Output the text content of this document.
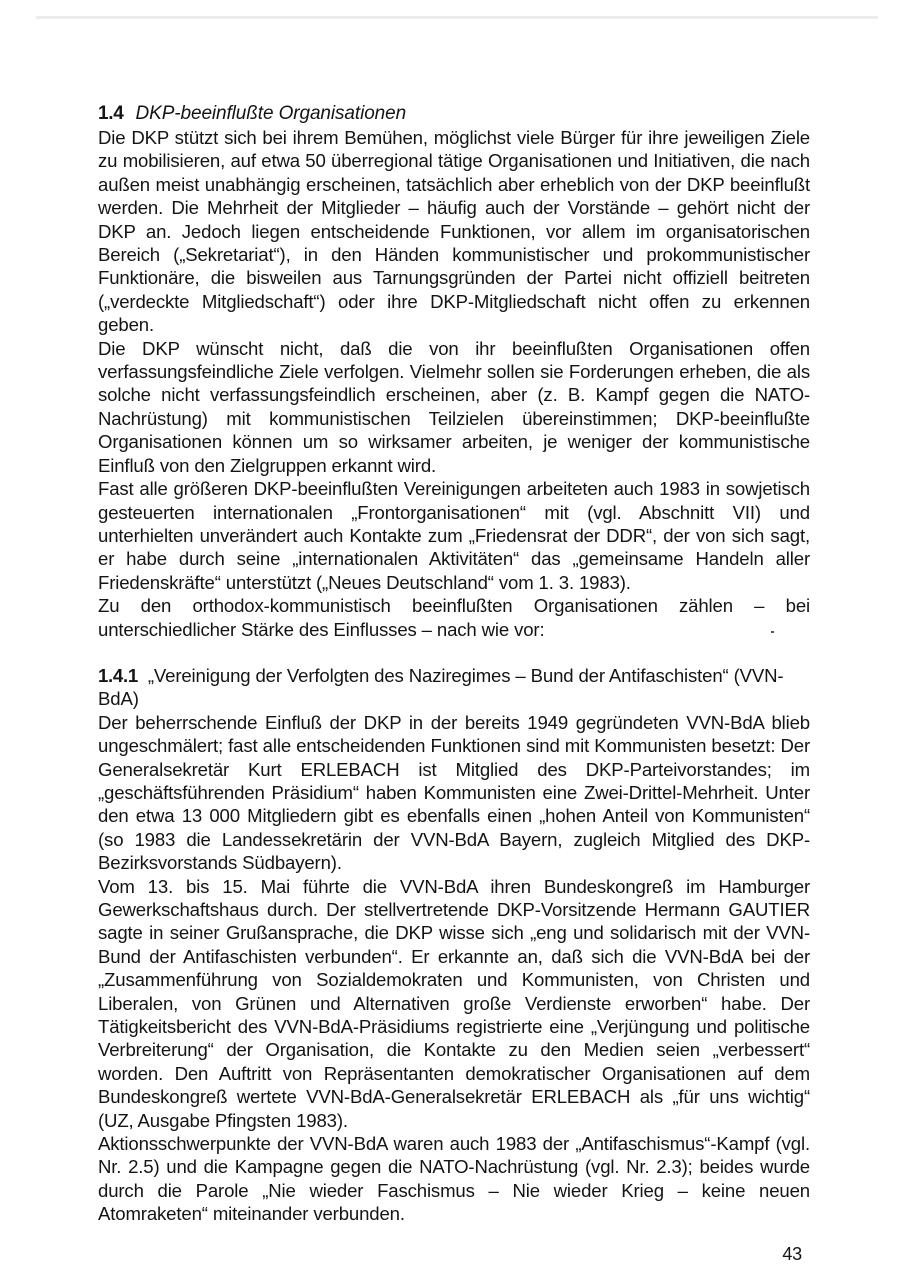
1.4 DKP-beeinflußte Organisationen

Die DKP stützt sich bei ihrem Bemühen, möglichst viele Bürger für ihre jeweiligen Ziele zu mobilisieren, auf etwa 50 überregional tätige Organisationen und Initiativen, die nach außen meist unabhängig erscheinen, tatsächlich aber erheblich von der DKP beeinflußt werden. Die Mehrheit der Mitglieder – häufig auch der Vorstände – gehört nicht der DKP an. Jedoch liegen entscheidende Funktionen, vor allem im organisatorischen Bereich („Sekretariat“), in den Händen kommunistischer und prokommunistischer Funktionäre, die bisweilen aus Tarnungsgründen der Partei nicht offiziell beitreten („verdeckte Mitgliedschaft“) oder ihre DKP-Mitgliedschaft nicht offen zu erkennen geben.

Die DKP wünscht nicht, daß die von ihr beeinflußten Organisationen offen verfassungsfeindliche Ziele verfolgen. Vielmehr sollen sie Forderungen erheben, die als solche nicht verfassungsfeindlich erscheinen, aber (z. B. Kampf gegen die NATO-Nachrüstung) mit kommunistischen Teilzielen übereinstimmen; DKP-beeinflußte Organisationen können um so wirksamer arbeiten, je weniger der kommunistische Einfluß von den Zielgruppen erkannt wird.

Fast alle größeren DKP-beeinflußten Vereinigungen arbeiteten auch 1983 in sowjetisch gesteuerten internationalen „Frontorganisationen“ mit (vgl. Abschnitt VII) und unterhielten unverändert auch Kontakte zum „Friedensrat der DDR“, der von sich sagt, er habe durch seine „internationalen Aktivitäten“ das „gemeinsame Handeln aller Friedenskräfte“ unterstützt („Neues Deutschland“ vom 1. 3. 1983).

Zu den orthodox-kommunistisch beeinflußten Organisationen zählen – bei unterschiedlicher Stärke des Einflusses – nach wie vor:

1.4.1 „Vereinigung der Verfolgten des Naziregimes – Bund der Antifaschisten“ (VVN-BdA)

Der beherrschende Einfluß der DKP in der bereits 1949 gegründeten VVN-BdA blieb ungeschmälert; fast alle entscheidenden Funktionen sind mit Kommunisten besetzt: Der Generalsekretär Kurt ERLEBACH ist Mitglied des DKP-Parteivorstandes; im „geschäftsführenden Präsidium“ haben Kommunisten eine Zwei-Drittel-Mehrheit. Unter den etwa 13 000 Mitgliedern gibt es ebenfalls einen „hohen Anteil von Kommunisten“ (so 1983 die Landessekretärin der VVN-BdA Bayern, zugleich Mitglied des DKP-Bezirksvorstands Südbayern).

Vom 13. bis 15. Mai führte die VVN-BdA ihren Bundeskongreß im Hamburger Gewerkschaftshaus durch. Der stellvertretende DKP-Vorsitzende Hermann GAUTIER sagte in seiner Grußansprache, die DKP wisse sich „eng und solidarisch mit der VVN-Bund der Antifaschisten verbunden“. Er erkannte an, daß sich die VVN-BdA bei der „Zusammenführung von Sozialdemokraten und Kommunisten, von Christen und Liberalen, von Grünen und Alternativen große Verdienste erworben“ habe. Der Tätigkeitsbericht des VVN-BdA-Präsidiums registrierte eine „Verjüngung und politische Verbreiterung“ der Organisation, die Kontakte zu den Medien seien „verbessert“ worden. Den Auftritt von Repräsentanten demokratischer Organisationen auf dem Bundeskongreß wertete VVN-BdA-Generalsekretär ERLEBACH als „für uns wichtig“ (UZ, Ausgabe Pfingsten 1983).

Aktionsschwerpunkte der VVN-BdA waren auch 1983 der „Antifaschismus“-Kampf (vgl. Nr. 2.5) und die Kampagne gegen die NATO-Nachrüstung (vgl. Nr. 2.3); beides wurde durch die Parole „Nie wieder Faschismus – Nie wieder Krieg – keine neuen Atomraketen“ miteinander verbunden.

43
